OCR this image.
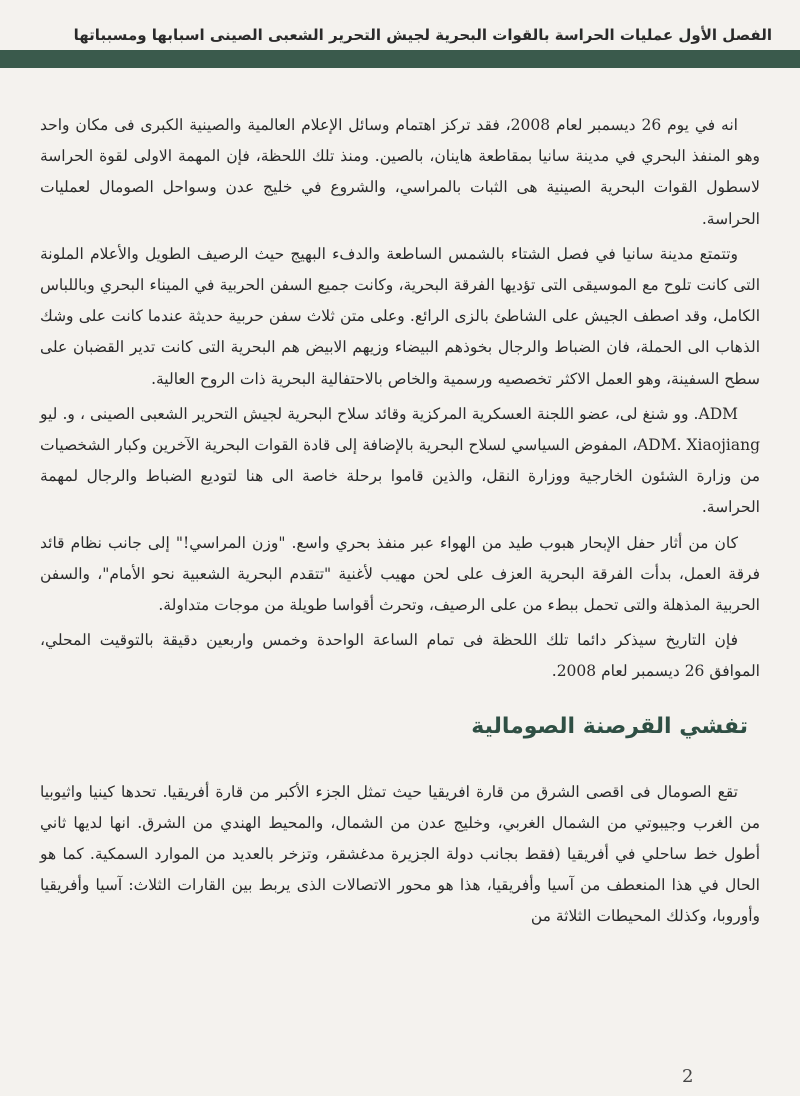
الفصل الأول عمليات الحراسة بالقوات البحرية لجيش التحرير الشعبى الصينى اسبابها ومسبباتها

انه في يوم 26 ديسمبر لعام 2008، فقد تركز اهتمام وسائل الإعلام العالمية والصينية الكبرى فى مكان واحد وهو المنفذ البحري في مدينة سانيا بمقاطعة هاينان، بالصين. ومنذ تلك اللحظة، فإن المهمة الاولى لقوة الحراسة لاسطول القوات البحرية الصينية هى الثبات بالمراسي، والشروع في خليج عدن وسواحل الصومال لعمليات الحراسة.

وتتمتع مدينة سانيا في فصل الشتاء بالشمس الساطعة والدفء البهيج حيث الرصيف الطويل والأعلام الملونة التى كانت تلوح مع الموسيقى التى تؤديها الفرقة البحرية، وكانت جميع السفن الحربية في الميناء البحري وباللباس الكامل، وقد اصطف الجيش على الشاطئ بالزى الرائع. وعلى متن ثلاث سفن حربية حديثة عندما كانت على وشك الذهاب الى الحملة، فان الضباط والرجال بخوذهم البيضاء وزيهم الابيض هم البحرية التى كانت تدير القضبان على سطح السفينة، وهو العمل الاكثر تخصصيه ورسمية والخاص بالاحتفالية البحرية ذات الروح العالية.

ADM. وو شنغ لى، عضو اللجنة العسكرية المركزية وقائد سلاح البحرية لجيش التحرير الشعبى الصينى ، و. ليو ADM. Xiaojiang، المفوض السياسي لسلاح البحرية بالإضافة إلى قادة القوات البحرية الآخرين وكبار الشخصيات من وزارة الشئون الخارجية ووزارة النقل، والذين قاموا برحلة خاصة الى هنا لتوديع الضباط والرجال لمهمة الحراسة.

كان من أثار حفل الإبحار هبوب طيد من الهواء عبر منفذ بحري واسع. "وزن المراسي!" إلى جانب نظام قائد فرقة العمل، بدأت الفرقة البحرية العزف على لحن مهيب لأغنية "تتقدم البحرية الشعبية نحو الأمام"، والسفن الحربية المذهلة والتى تحمل ببطء من على الرصيف، وتحرث أقواسا طويلة من موجات متداولة.

فإن التاريخ سيذكر دائما تلك اللحظة فى تمام الساعة الواحدة وخمس واربعين دقيقة بالتوقيت المحلي، الموافق 26 ديسمبر لعام 2008.

تفشي القرصنة الصومالية

تقع الصومال فى اقصى الشرق من قارة افريقيا حيث تمثل الجزء الأكبر من قارة أفريقيا. تحدها كينيا واثيوبيا من الغرب وجيبوتي من الشمال الغربي، وخليج عدن من الشمال، والمحيط الهندي من الشرق. انها لديها ثاني أطول خط ساحلي في أفريقيا (فقط بجانب دولة الجزيرة مدغشقر، وتزخر بالعديد من الموارد السمكية. كما هو الحال في هذا المنعطف من آسيا وأفريقيا، هذا هو محور الاتصالات الذى يربط بين القارات الثلاث: آسيا وأفريقيا وأوروبا، وكذلك المحيطات الثلاثة من

2
